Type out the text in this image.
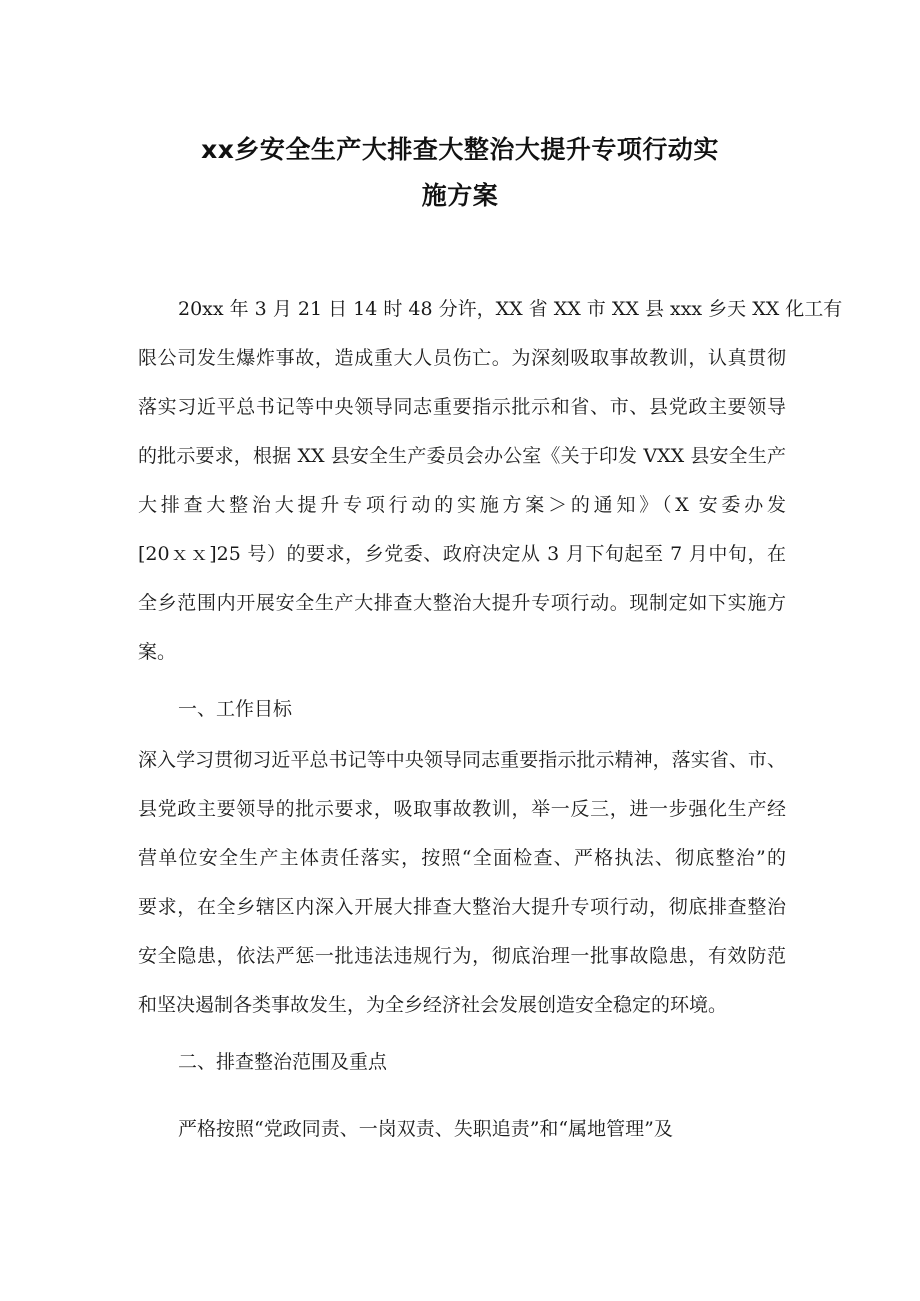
xx乡安全生产大排查大整治大提升专项行动实
施方案
20xx 年 3 月 21 日 14 时 48 分许，XX 省 XX 市 XX 县 xxx 乡天 XX 化工有
限公司发生爆炸事故，造成重大人员伤亡。为深刻吸取事故教训，认真贯彻
落实习近平总书记等中央领导同志重要指示批示和省、市、县党政主要领导
的批示要求，根据 XX 县安全生产委员会办公室《关于印发 VXX 县安全生产
大排查大整治大提升专项行动的实施方案＞的通知》（X 安委办发
[20ｘｘ]25 号）的要求，乡党委、政府决定从 3 月下旬起至 7 月中旬，在
全乡范围内开展安全生产大排查大整治大提升专项行动。现制定如下实施方
案。
一、工作目标
深入学习贯彻习近平总书记等中央领导同志重要指示批示精神，落实省、市、
县党政主要领导的批示要求，吸取事故教训，举一反三，进一步强化生产经
营单位安全生产主体责任落实，按照“全面检查、严格执法、彻底整治”的
要求，在全乡辖区内深入开展大排查大整治大提升专项行动，彻底排查整治
安全隐患，依法严惩一批违法违规行为，彻底治理一批事故隐患，有效防范
和坚决遏制各类事故发生，为全乡经济社会发展创造安全稳定的环境。
二、排查整治范围及重点
严格按照“党政同责、一岗双责、失职追责”和“属地管理”及
